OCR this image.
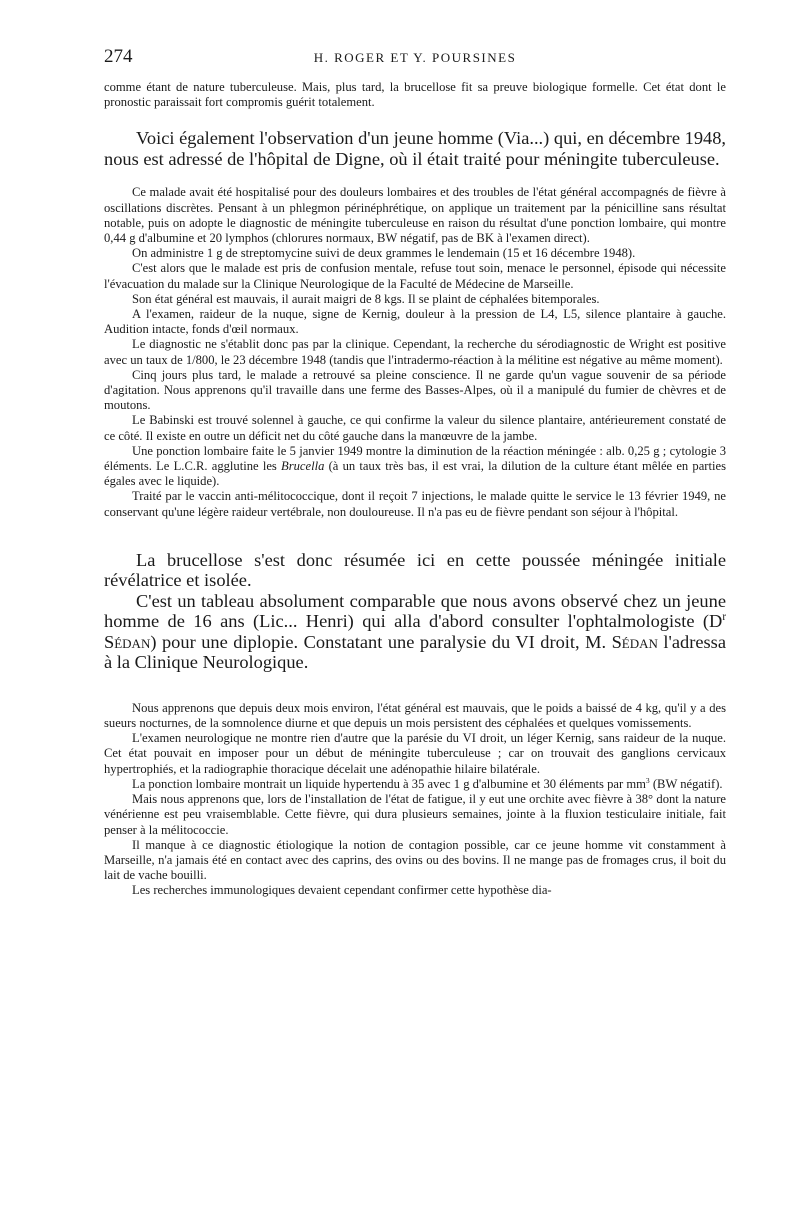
274	H. ROGER ET Y. POURSINES

comme étant de nature tuberculeuse. Mais, plus tard, la brucellose fit sa preuve biologique formelle. Cet état dont le pronostic paraissait fort compromis guérit totalement.

Voici également l'observation d'un jeune homme (Via...) qui, en décembre 1948, nous est adressé de l'hôpital de Digne, où il était traité pour méningite tuberculeuse.

Ce malade avait été hospitalisé pour des douleurs lombaires et des troubles de l'état général accompagnés de fièvre à oscillations discrètes. Pensant à un phlegmon périnéphrétique, on applique un traitement par la pénicilline sans résultat notable, puis on adopte le diagnostic de méningite tuberculeuse en raison du résultat d'une ponction lombaire, qui montre 0,44 g d'albumine et 20 lymphos (chlorures normaux, BW négatif, pas de BK à l'examen direct).

On administre 1 g de streptomycine suivi de deux grammes le lendemain (15 et 16 décembre 1948).

C'est alors que le malade est pris de confusion mentale, refuse tout soin, menace le personnel, épisode qui nécessite l'évacuation du malade sur la Clinique Neurologique de la Faculté de Médecine de Marseille.

Son état général est mauvais, il aurait maigri de 8 kgs. Il se plaint de céphalées bitemporales.

A l'examen, raideur de la nuque, signe de Kernig, douleur à la pression de L4, L5, silence plantaire à gauche. Audition intacte, fonds d'œil normaux.

Le diagnostic ne s'établit donc pas par la clinique. Cependant, la recherche du sérodiagnostic de Wright est positive avec un taux de 1/800, le 23 décembre 1948 (tandis que l'intradermo-réaction à la mélitine est négative au même moment).

Cinq jours plus tard, le malade a retrouvé sa pleine conscience. Il ne garde qu'un vague souvenir de sa période d'agitation. Nous apprenons qu'il travaille dans une ferme des Basses-Alpes, où il a manipulé du fumier de chèvres et de moutons.

Le Babinski est trouvé solennel à gauche, ce qui confirme la valeur du silence plantaire, antérieurement constaté de ce côté. Il existe en outre un déficit net du côté gauche dans la manœuvre de la jambe.

Une ponction lombaire faite le 5 janvier 1949 montre la diminution de la réaction méningée : alb. 0,25 g ; cytologie 3 éléments. Le L.C.R. agglutine les Brucella (à un taux très bas, il est vrai, la dilution de la culture étant mêlée en parties égales avec le liquide).

Traité par le vaccin anti-mélitococcique, dont il reçoit 7 injections, le malade quitte le service le 13 février 1949, ne conservant qu'une légère raideur vertébrale, non douloureuse. Il n'a pas eu de fièvre pendant son séjour à l'hôpital.

La brucellose s'est donc résumée ici en cette poussée méningée initiale révélatrice et isolée.

C'est un tableau absolument comparable que nous avons observé chez un jeune homme de 16 ans (Lic... Henri) qui alla d'abord consulter l'ophtalmologiste ($D^r$ Sédan) pour une diplopie. Constatant une paralysie du VI droit, M. Sédan l'adressa à la Clinique Neurologique.

Nous apprenons que depuis deux mois environ, l'état général est mauvais, que le poids a baissé de 4 kg, qu'il y a des sueurs nocturnes, de la somnolence diurne et que depuis un mois persistent des céphalées et quelques vomissements.

L'examen neurologique ne montre rien d'autre que la parésie du VI droit, un léger Kernig, sans raideur de la nuque. Cet état pouvait en imposer pour un début de méningite tuberculeuse ; car on trouvait des ganglions cervicaux hypertrophiés, et la radiographie thoracique décelait une adénopathie hilaire bilatérale.

La ponction lombaire montrait un liquide hypertendu à 35 avec 1 g d'albumine et 30 éléments par $mm^3$ (BW négatif).

Mais nous apprenons que, lors de l'installation de l'état de fatigue, il y eut une orchite avec fièvre à 38° dont la nature vénérienne est peu vraisemblable. Cette fièvre, qui dura plusieurs semaines, jointe à la fluxion testiculaire initiale, fait penser à la mélitococcie.

Il manque à ce diagnostic étiologique la notion de contagion possible, car ce jeune homme vit constamment à Marseille, n'a jamais été en contact avec des caprins, des ovins ou des bovins. Il ne mange pas de fromages crus, il boit du lait de vache bouilli.

Les recherches immunologiques devaient cependant confirmer cette hypothèse dia-
